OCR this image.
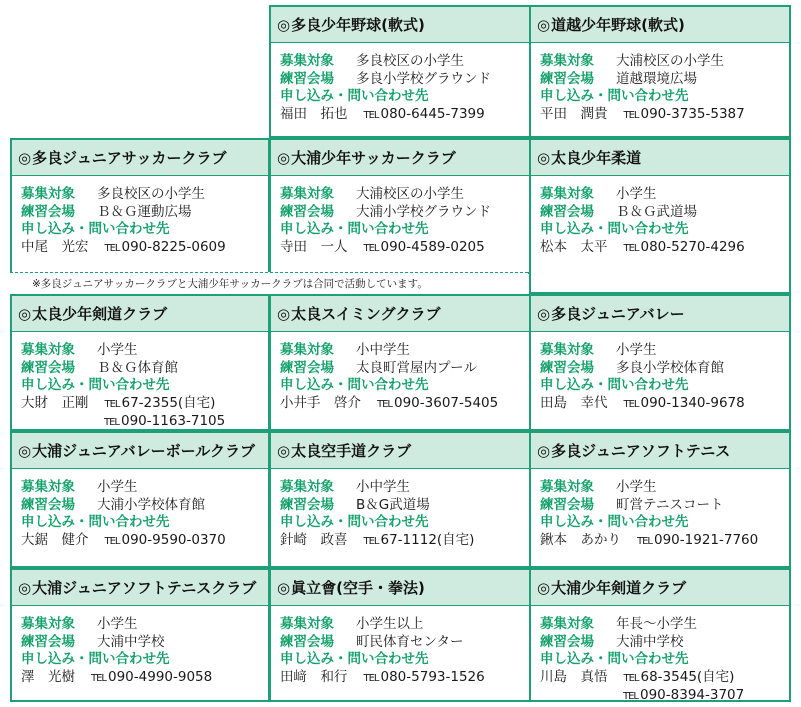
◎ 多良少年野球(軟式)
募集対象	多良校区の小学生
練習会場	多良小学校グラウンド
申し込み・問い合わせ先
福田　拓也 TEL 080-6445-7399
◎ 道越少年野球(軟式)
募集対象	大浦校区の小学生
練習会場	道越環境広場
申し込み・問い合わせ先
平田　潤貴 TEL 090-3735-5387
◎ 多良ジュニアサッカークラブ
募集対象	多良校区の小学生
練習会場	Ｂ＆Ｇ運動広場
申し込み・問い合わせ先
中尾　光宏 TEL 090-8225-0609
◎ 大浦少年サッカークラブ
募集対象	大浦校区の小学生
練習会場	大浦小学校グラウンド
申し込み・問い合わせ先
寺田　一人 TEL 090-4589-0205
◎ 太良少年柔道
募集対象	小学生
練習会場	Ｂ＆Ｇ武道場
申し込み・問い合わせ先
松本　太平 TEL 080-5270-4296
◎ 太良少年剣道クラブ
募集対象	小学生
練習会場	Ｂ＆Ｇ体育館
申し込み・問い合わせ先
大財　正剛 TEL 67-2355(自宅)
TEL 090-1163-7105
◎ 太良スイミングクラブ
募集対象	小中学生
練習会場	太良町営屋内プール
申し込み・問い合わせ先
小井手　啓介 TEL 090-3607-5405
◎ 多良ジュニアバレー
募集対象	小学生
練習会場	多良小学校体育館
申し込み・問い合わせ先
田島　幸代 TEL 090-1340-9678
◎ 大浦ジュニアバレーボールクラブ
募集対象	小学生
練習会場	大浦小学校体育館
申し込み・問い合わせ先
大鋸　健介 TEL 090-9590-0370
◎ 太良空手道クラブ
募集対象	小中学生
練習会場	B＆G武道場
申し込み・問い合わせ先
針崎　政喜 TEL 67-1112(自宅)
◎ 多良ジュニアソフトテニス
募集対象	小学生
練習会場	町営テニスコート
申し込み・問い合わせ先
鍬本　あかり TEL 090-1921-7760
◎ 大浦ジュニアソフトテニスクラブ
募集対象	小学生
練習会場	大浦中学校
申し込み・問い合わせ先
澤　光樹 TEL 090-4990-9058
◎ 眞立會(空手・拳法)
募集対象	小学生以上
練習会場	町民体育センター
申し込み・問い合わせ先
田﨑　和行 TEL 080-5793-1526
◎ 大浦少年剣道クラブ
募集対象	年長～小学生
練習会場	大浦中学校
申し込み・問い合わせ先
川島　真悟 TEL 68-3545(自宅)
TEL 090-8394-3707
※多良ジュニアサッカークラブと大浦少年サッカークラブは合同で活動しています。
